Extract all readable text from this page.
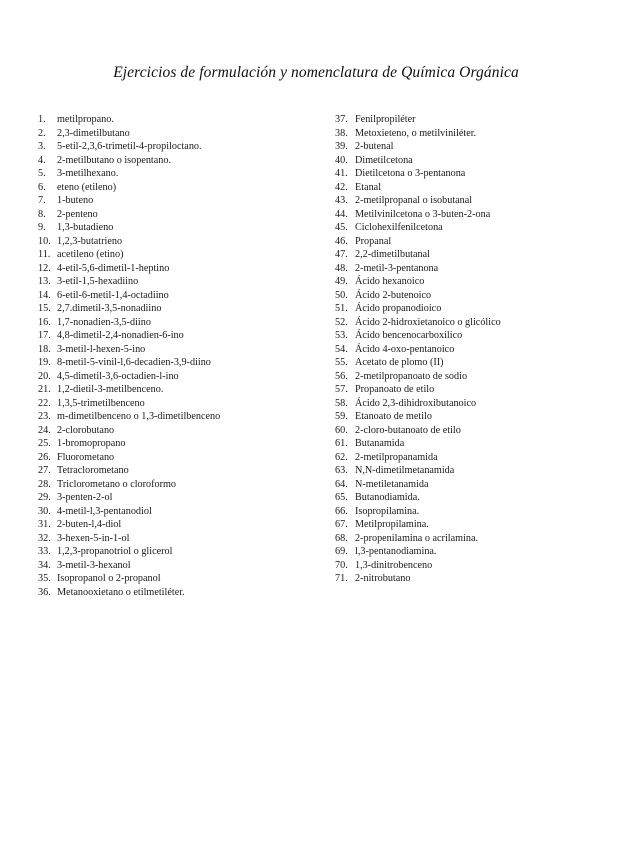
Ejercicios de formulación y nomenclatura de Química Orgánica
1.	metilpropano.
2.	2,3-dimetilbutano
3.	5-etil-2,3,6-trimetil-4-propiloctano.
4.	2-metilbutano o isopentano.
5.	3-metilhexano.
6.	eteno (etileno)
7.	1-buteno
8.	2-penteno
9.	1,3-butadieno
10. 1,2,3-butatrieno
11. acetileno (etino)
12. 4-etil-5,6-dimetil-1-heptino
13. 3-etil-1,5-hexadiino
14. 6-etil-6-metil-1,4-octadiino
15. 2,7.dimetil-3,5-nonadiino
16. 1,7-nonadien-3,5-diino
17. 4,8-dimetil-2,4-nonadien-6-ino
18. 3-metil-l-hexen-5-ino
19. 8-metil-5-vinil-l,6-decadien-3,9-diino
20. 4,5-dimetil-3,6-octadien-l-ino
21. 1,2-dietil-3-metilbenceno.
22. 1,3,5-trimetilbenceno
23. m-dimetilbenceno o 1,3-dimetilbenceno
24. 2-clorobutano
25. 1-bromopropano
26. Fluorometano
27. Tetraclorometano
28. Triclorometano o cloroformo
29. 3-penten-2-ol
30. 4-metil-l,3-pentanodiol
31. 2-buten-l,4-diol
32. 3-hexen-5-in-1-ol
33. 1,2,3-propanotriol o glicerol
34. 3-metil-3-hexanol
35. Isopropanol o 2-propanol
36. Metanooxietano o etilmetiléter.
37. Fenilpropiléter
38. Metoxieteno, o metilviniléter.
39. 2-butenal
40. Dimetilcetona
41. Dietilcetona o 3-pentanona
42. Etanal
43. 2-metilpropanal o isobutanal
44. Metilvinilcetona o 3-buten-2-ona
45. Ciclohexilfenilcetona
46. Propanal
47. 2,2-dimetilbutanal
48. 2-metil-3-pentanona
49. Ácido hexanoico
50. Ácido 2-butenoico
51. Ácido propanodioico
52. Ácido 2-hidroxietanoico o glicólico
53. Ácido bencenocarboxilico
54. Ácido 4-oxo-pentanoico
55. Acetato de plomo (II)
56. 2-metilpropanoato de sodio
57. Propanoato de etilo
58. Ácido 2,3-dihidroxibutanoico
59. Etanoato de metilo
60. 2-cloro-butanoato de etilo
61. Butanamida
62. 2-metilpropanamida
63. N,N-dimetilmetanamida
64. N-metiletanamida
65. Butanodiamida.
66. Isopropilamina.
67. Metilpropilamina.
68. 2-propenilamina o acrilamina.
69. l,3-pentanodiamina.
70. 1,3-dinitrobenceno
71. 2-nitrobutano
